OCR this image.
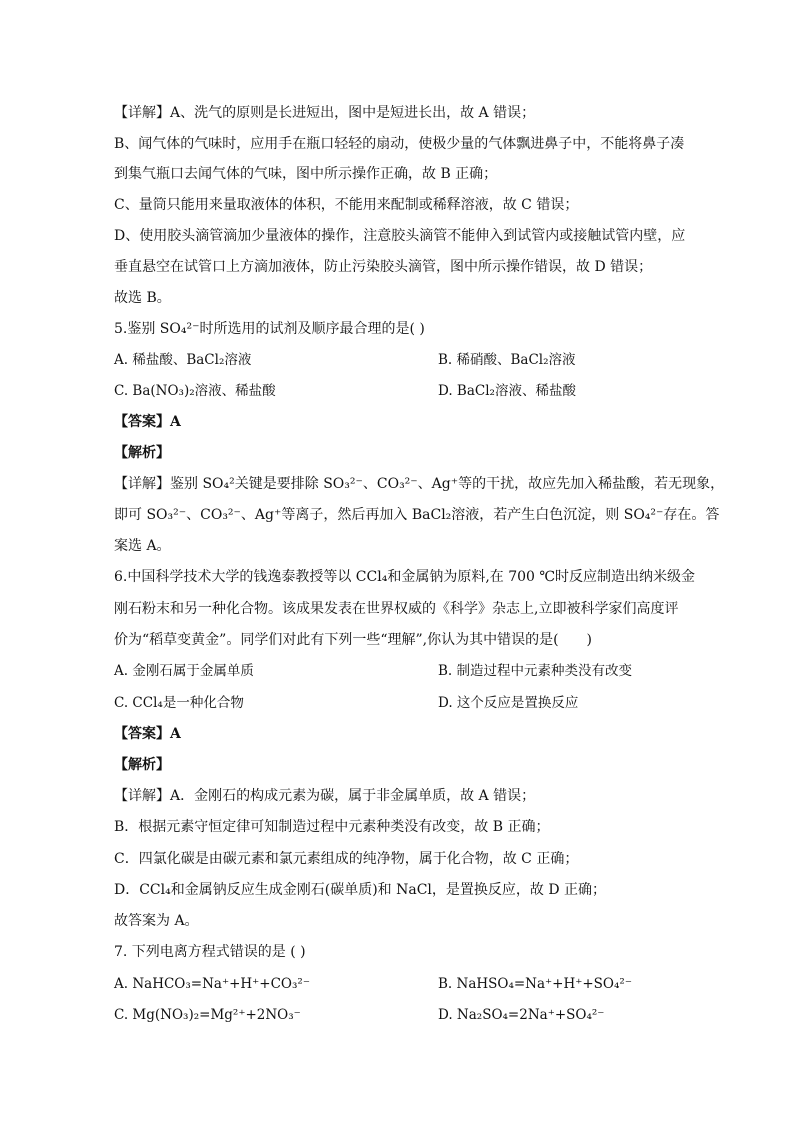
【详解】A、洗气的原则是长进短出，图中是短进长出，故 A 错误；
B、闻气体的气味时，应用手在瓶口轻轻的扇动，使极少量的气体飘进鼻子中，不能将鼻子凑
到集气瓶口去闻气体的气味，图中所示操作正确，故 B 正确；
C、量筒只能用来量取液体的体积，不能用来配制或稀释溶液，故 C 错误；
D、使用胶头滴管滴加少量液体的操作，注意胶头滴管不能伸入到试管内或接触试管内壁，应
垂直悬空在试管口上方滴加液体，防止污染胶头滴管，图中所示操作错误，故 D 错误；
故选 B。
5.鉴别 SO₄²⁻时所选用的试剂及顺序最合理的是( )
A. 稀盐酸、BaCl₂溶液	B. 稀硝酸、BaCl₂溶液
C. Ba(NO₃)₂溶液、稀盐酸	D. BaCl₂溶液、稀盐酸
【答案】A
【解析】
【详解】鉴别 SO₄²关键是要排除 SO₃²⁻、CO₃²⁻、Ag⁺等的干扰，故应先加入稀盐酸，若无现象，
即可 SO₃²⁻、CO₃²⁻、Ag⁺等离子，然后再加入 BaCl₂溶液，若产生白色沉淀，则 SO₄²⁻存在。答
案选 A。
6.中国科学技术大学的钱逸泰教授等以 CCl₄和金属钠为原料,在 700 ℃时反应制造出纳米级金
刚石粉末和另一种化合物。该成果发表在世界权威的《科学》杂志上,立即被科学家们高度评
价为“稻草变黄金”。同学们对此有下列一些“理解”,你认为其中错误的是(　　)
A. 金刚石属于金属单质	B. 制造过程中元素种类没有改变
C. CCl₄是一种化合物	D. 这个反应是置换反应
【答案】A
【解析】
【详解】A．金刚石的构成元素为碳，属于非金属单质，故 A 错误；
B．根据元素守恒定律可知制造过程中元素种类没有改变，故 B 正确；
C．四氯化碳是由碳元素和氯元素组成的纯净物，属于化合物，故 C 正确；
D．CCl₄和金属钠反应生成金刚石(碳单质)和 NaCl，是置换反应，故 D 正确；
故答案为 A。
7. 下列电离方程式错误的是 ( )
A. NaHCO₃=Na⁺+H⁺+CO₃²⁻	B. NaHSO₄=Na⁺+H⁺+SO₄²⁻
C. Mg(NO₃)₂=Mg²⁺+2NO₃⁻	D. Na₂SO₄=2Na⁺+SO₄²⁻
